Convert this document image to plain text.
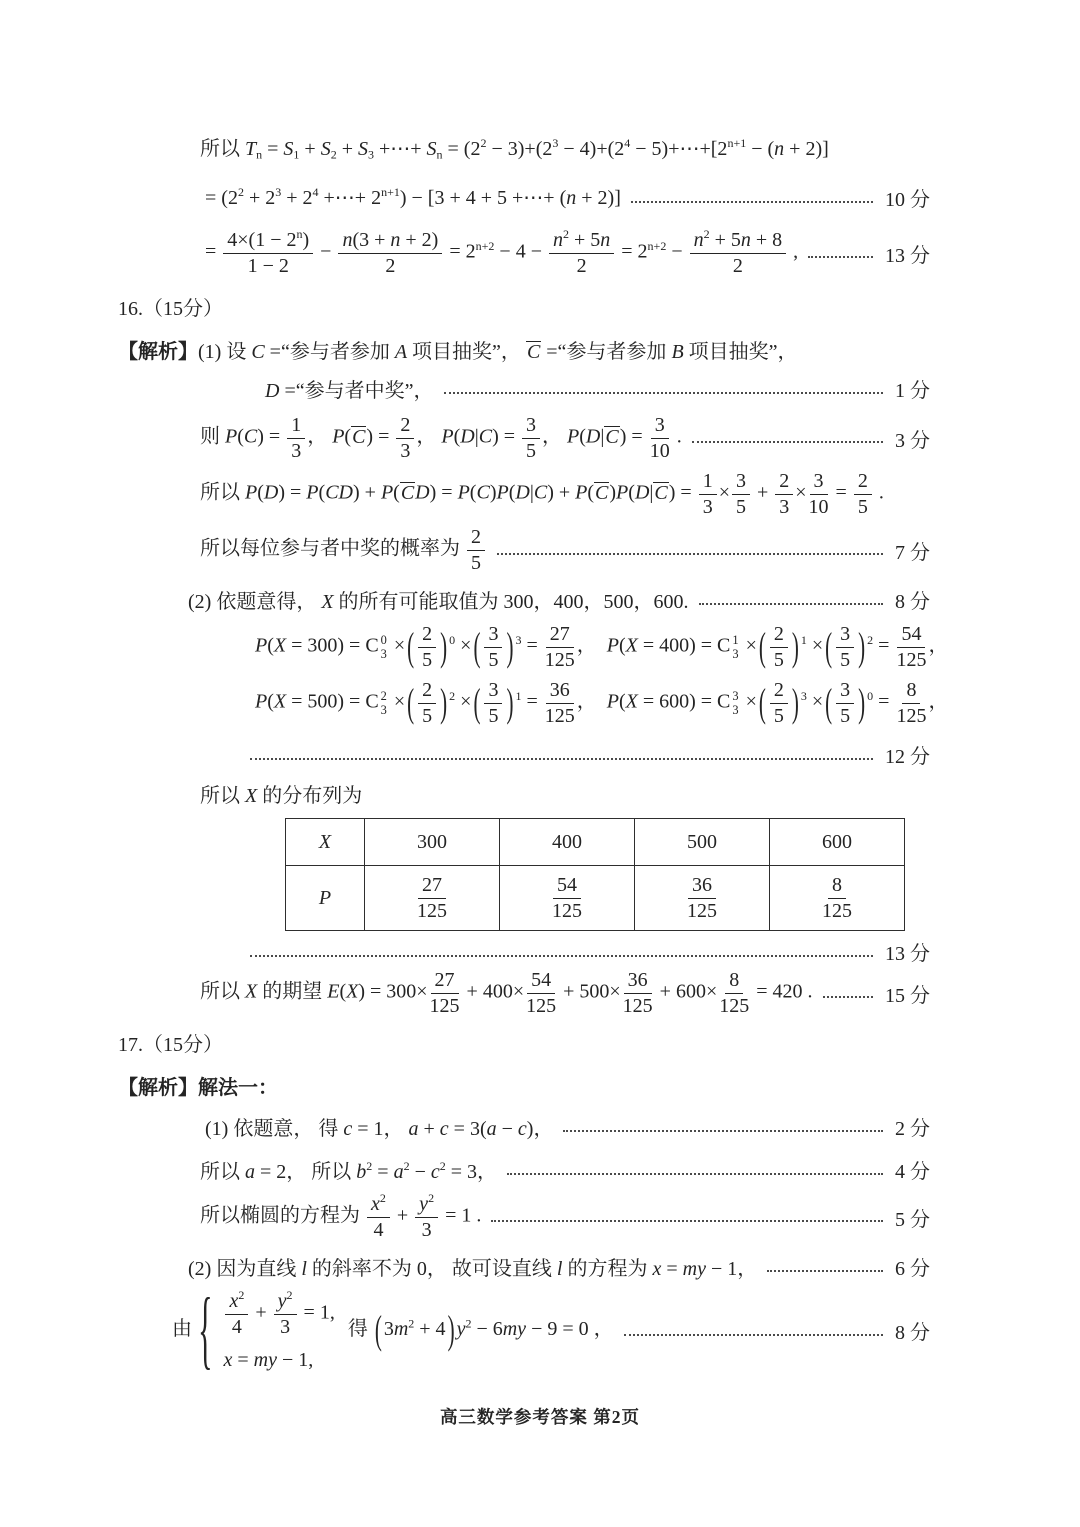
所以 $T_n = S_1 + S_2 + S_3$ +⋯+ $S_n = (2^2 - 3)+(2^3 - 4)+(2^4$ − $5)+\cdots+[2^{n+1} - (n + 2)]$
= ($2^2 + 2^3 + 2^4$ +⋯+ $2^{n+1}) - [3 + 4 + 5$ +⋯+ (n + 2)]	10 分
= $\frac{4\times(1 - 2^n)}{1 - 2} - \frac{n(3 + n + 2)}{2} = 2^{n+2} - 4 - \frac{n^2 + 5n}{2} = 2^{n+2} - \frac{n^2 + 5n + 8}{2}$ ,	13 分
16.（15分）
【解析】(1) 设 C =“参与者参加 A 项目抽奖”， C =“参与者参加 B 项目抽奖”，
D =“参与者中奖”，	1 分
则 $P(C) = \frac{1}{3}$ ， $P(C) = \frac{2}{3}$ ， $P(D|C) = \frac{3}{5}$ ， $P(D|C) = \frac{3}{10}$ .	3 分
所以 $P(D) = P(CD) + P(CD) = P(C)P(D|C) + P(C)P(D|C) = \frac{1}{3} \times \frac{3}{5} + \frac{2}{3} \times \frac{3}{10} = \frac{2}{5}$ .
所以每位参与者中奖的概率为 $\frac{2}{5}$	7 分
(2) 依题意得， X 的所有可能取值为 300，400，500，600.	8 分
P(X = 300) = C 0
3 ×( $\frac{2}{5}$ ) $^0$ ×( $\frac{3}{5}$ ) $^3 = \frac{27}{125}$ ，　P(X = 400) = C 1
3 ×( $\frac{2}{5}$ ) $^1$ ×( $\frac{3}{5}$ ) $^2 = \frac{54}{125}$ ，
P(X = 500) = C 2
3 ×( $\frac{2}{5}$ ) $^2$ ×( $\frac{3}{5}$ ) $^1 = \frac{36}{125}$ ，　P(X = 600) = C 3
3 ×( $\frac{2}{5}$ ) $^3$ ×( $\frac{3}{5}$ ) $^0 = \frac{8}{125}$ ，
12 分
所以 X 的分布列为
X	300	400	500	600
P	$\frac{27}{125}$	$\frac{54}{125}$	$\frac{36}{125}$	$\frac{8}{125}$
13 分
所以 X 的期望 $E(X) = 300\times \frac{27}{125} + 400\times \frac{54}{125} + 500\times \frac{36}{125} + 600\times \frac{8}{125} = 420$ .	15 分
17.（15分）
【解析】解法一：
(1) 依题意， 得 c = 1， a + c = 3(a − c)，	2 分
所以 a = 2， 所以 $b^2 = a^2 - c^2 = 3$，	4 分
所以椭圆的方程为 $\frac{x^2}{4} + \frac{y^2}{3} = 1$ .	5 分
(2) 因为直线 l 的斜率不为 0， 故可设直线 l 的方程为 x = my − 1，	6 分
由 { $\frac{x^2}{4} + \frac{y^2}{3} = 1$,
x = my − 1,
得 ( $3m^2 + 4$) $y^2 - 6my - 9 = 0$ ，	8 分
高三数学参考答案 第2页
